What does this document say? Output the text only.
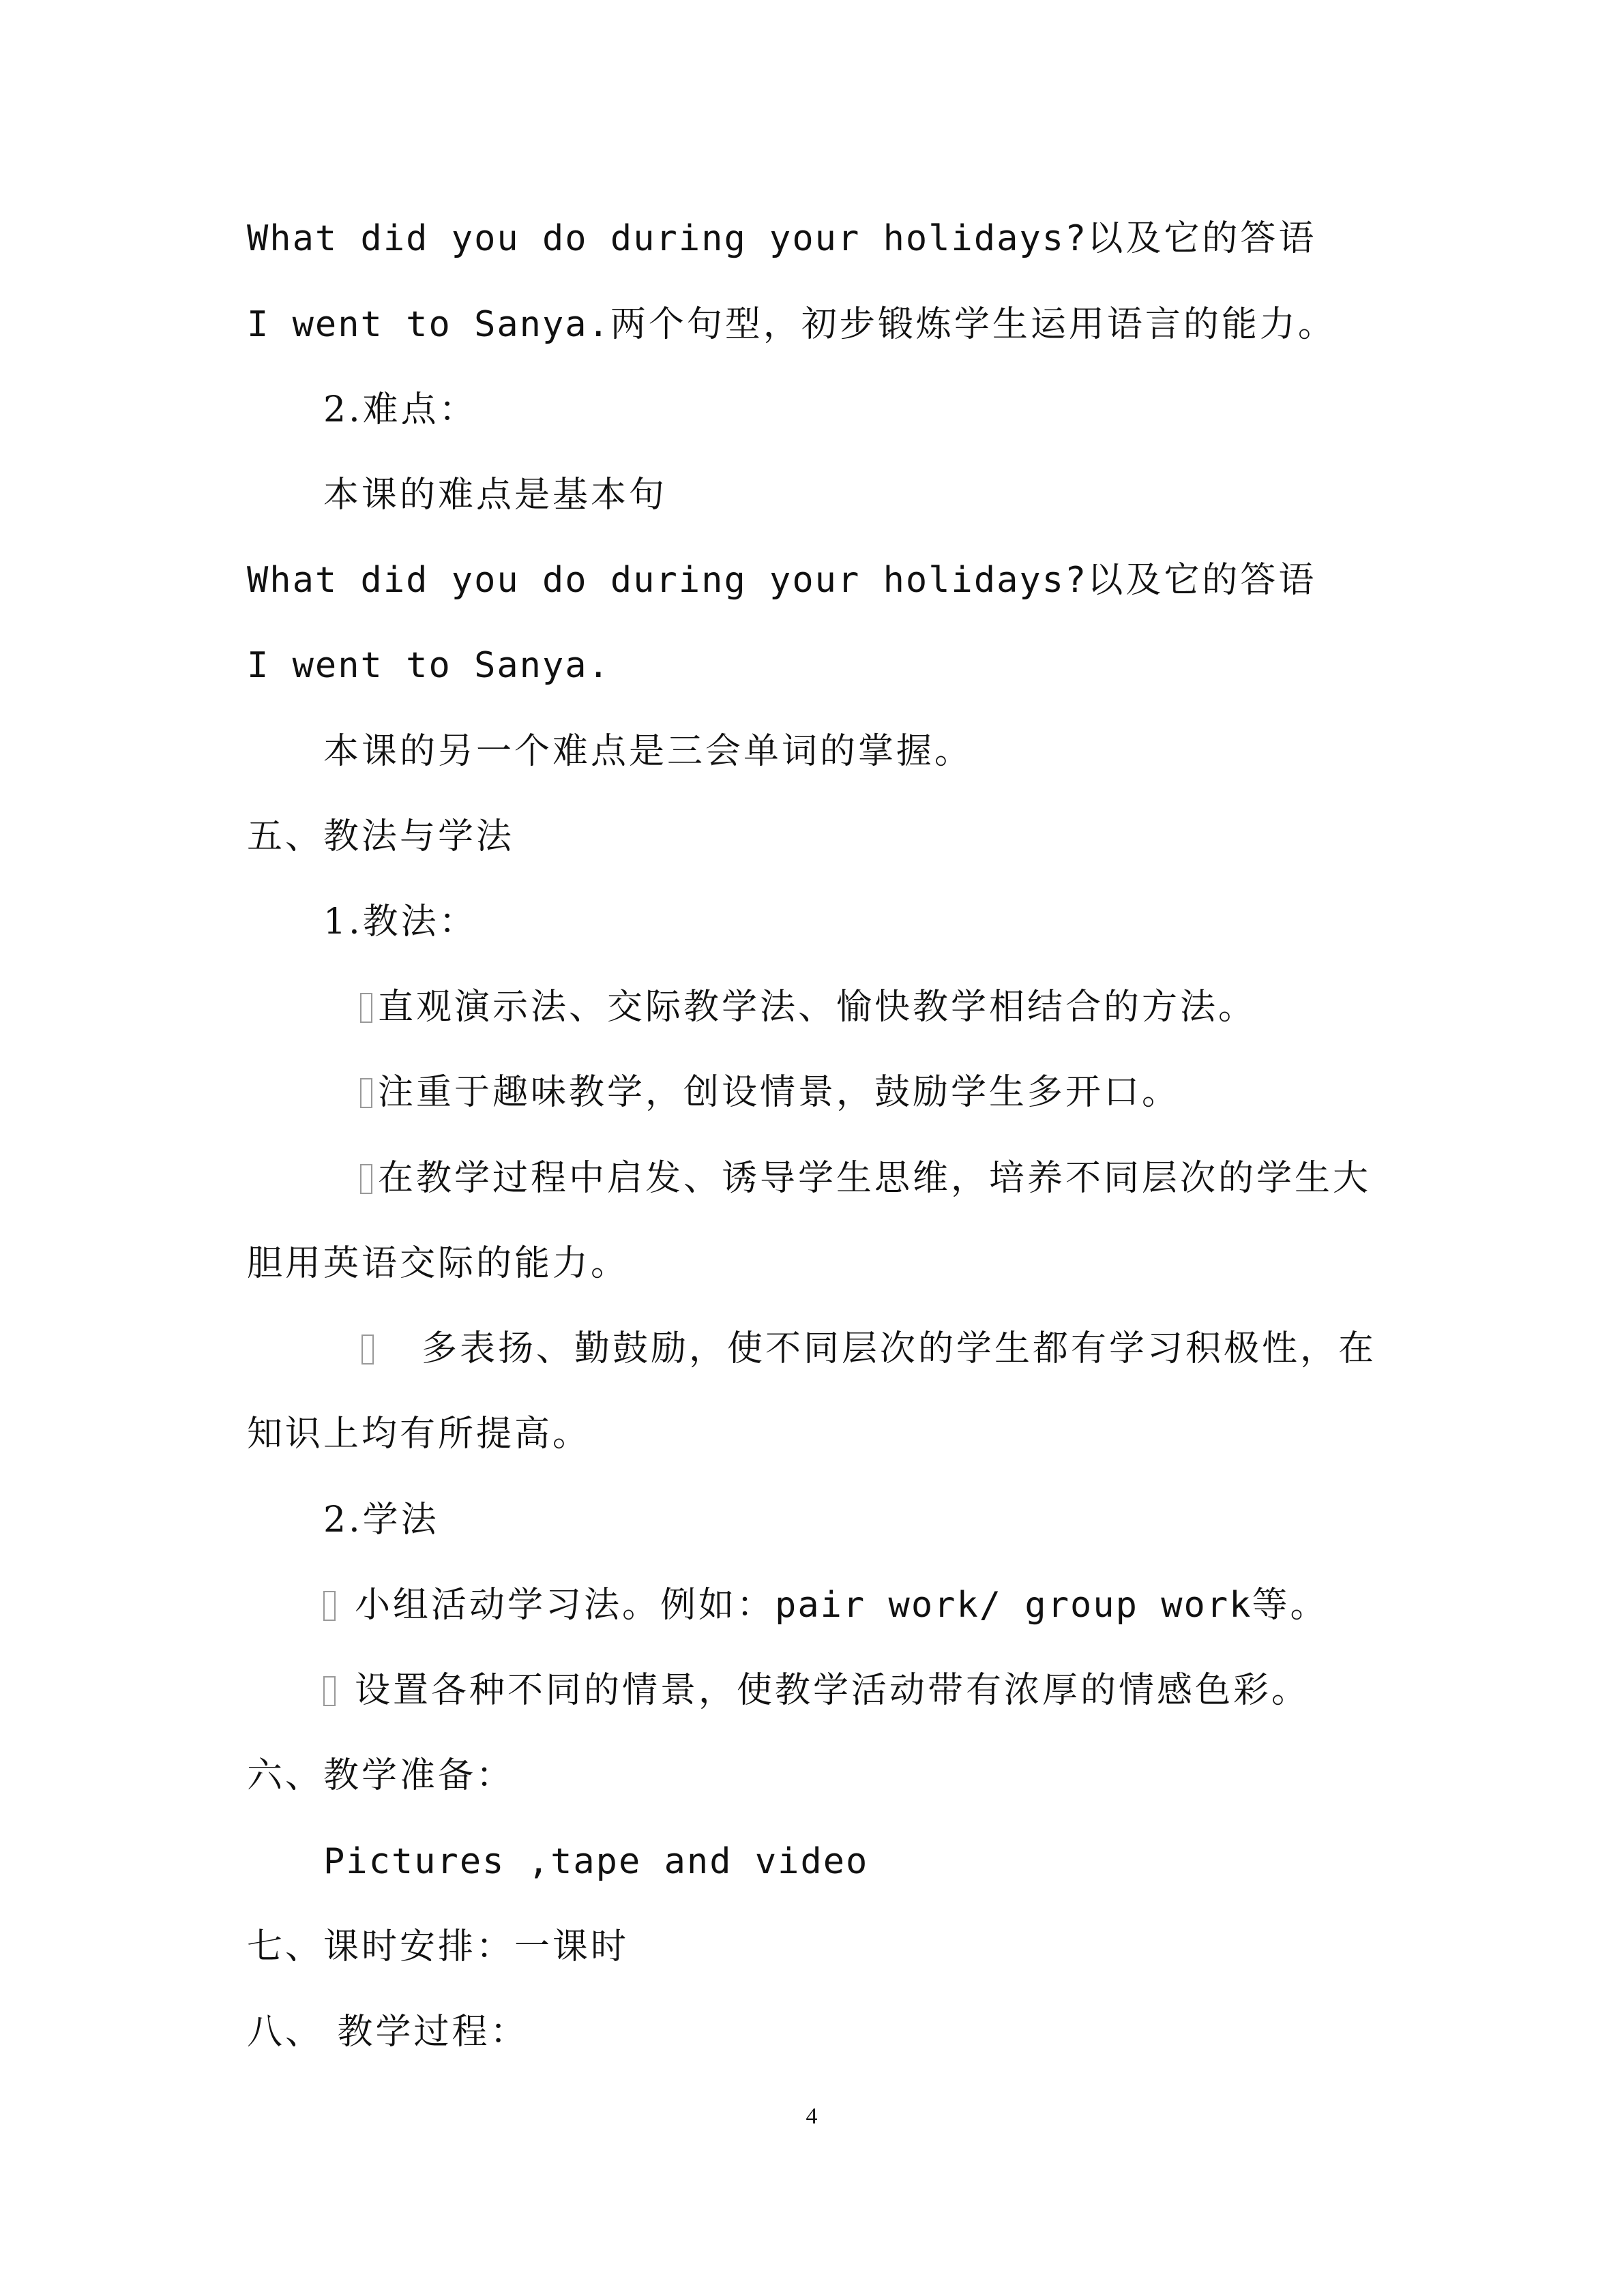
What did you do during your holidays?以及它的答语
I went to Sanya.两个句型，初步锻炼学生运用语言的能力。
2.难点：
本课的难点是基本句
What did you do during your holidays?以及它的答语
I went to Sanya.
本课的另一个难点是三会单词的掌握。
五、教法与学法
1.教法：
直观演示法、交际教学法、愉快教学相结合的方法。
注重于趣味教学，创设情景，鼓励学生多开口。
在教学过程中启发、诱导学生思维，培养不同层次的学生大
胆用英语交际的能力。
多表扬、勤鼓励，使不同层次的学生都有学习积极性，在
知识上均有所提高。
2.学法
小组活动学习法。例如：pair work/ group work等。
设置各种不同的情景，使教学活动带有浓厚的情感色彩。
六、教学准备：
Pictures ,tape and video
七、课时安排：一课时
八、 教学过程：
4
